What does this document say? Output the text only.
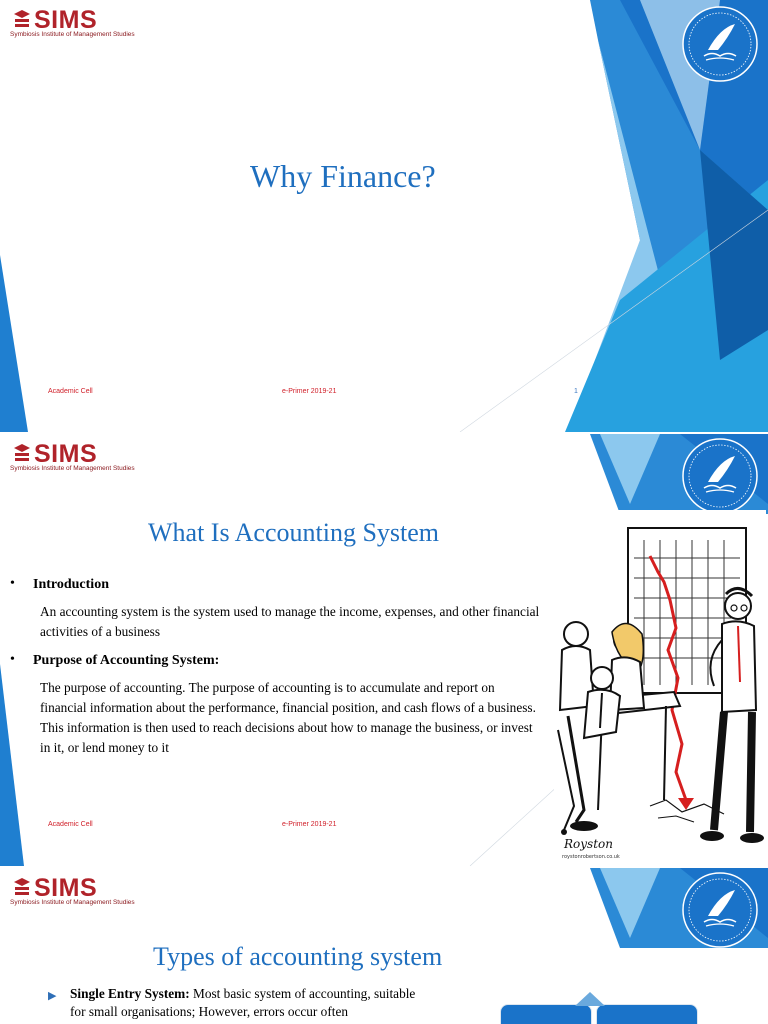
SIMS
Symbiosis Institute of Management Studies
Why Finance?
Academic Cell	e-Primer 2019-21	1
SIMS
Symbiosis Institute of Management Studies
What Is Accounting System
• Introduction
An accounting system is the system used to manage the income, expenses, and other financial activities of a business
• Purpose of Accounting System:
The purpose of accounting. The purpose of accounting is to accumulate and report on financial information about the performance, financial position, and cash flows of a business. This information is then used to reach decisions about how to manage the business, or invest in it, or lend money to it
Royston
roystonrobertson.co.uk
Academic Cell	e-Primer 2019-21
SIMS
Symbiosis Institute of Management Studies
Types of accounting system
▶ Single Entry System: Most basic system of accounting, suitable for small organisations; However, errors occur often
